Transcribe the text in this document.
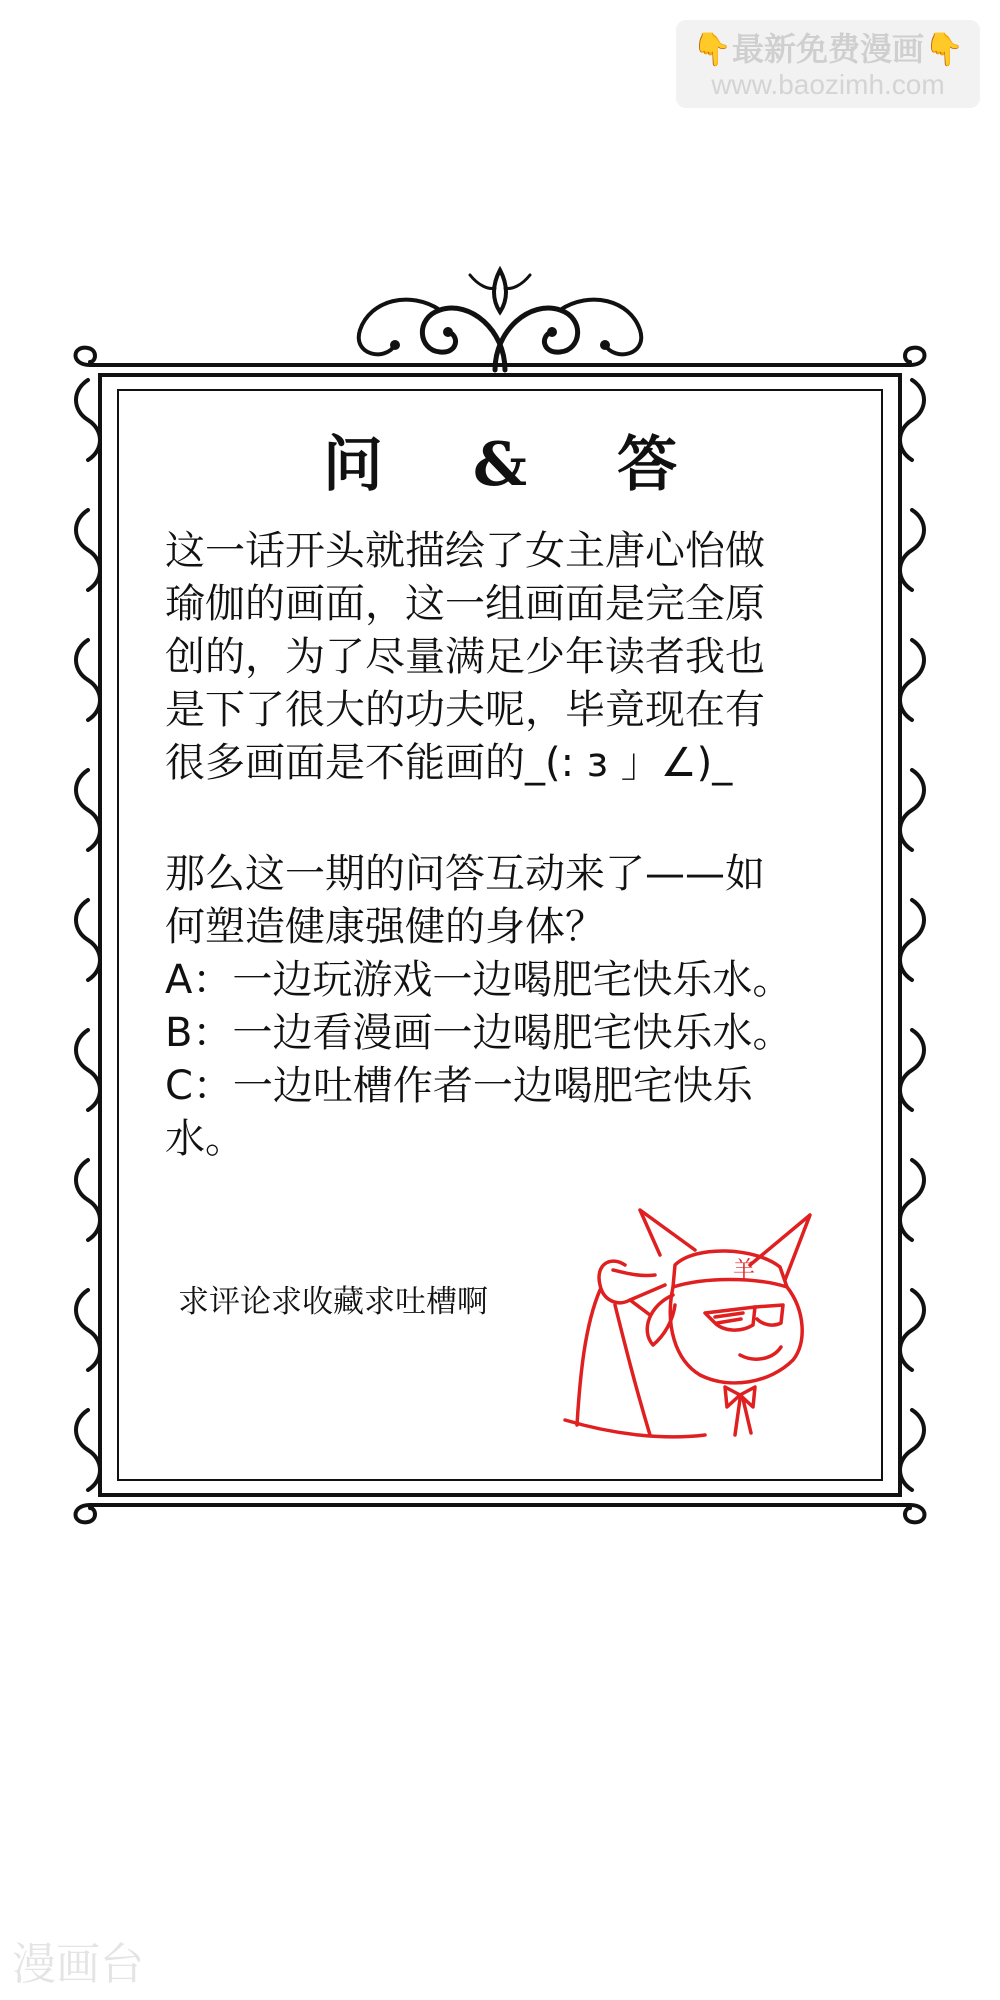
👇最新免费漫画👇
www.baozimh.com
问 & 答
这一话开头就描绘了女主唐心怡做
瑜伽的画面，这一组画面是完全原
创的，为了尽量满足少年读者我也
是下了很大的功夫呢，毕竟现在有
很多画面是不能画的_(: ɜ 」∠)_
那么这一期的问答互动来了——如
何塑造健康强健的身体？
A：一边玩游戏一边喝肥宅快乐水。
B：一边看漫画一边喝肥宅快乐水。
C：一边吐槽作者一边喝肥宅快乐
水。
求评论求收藏求吐槽啊
羊
漫画台
